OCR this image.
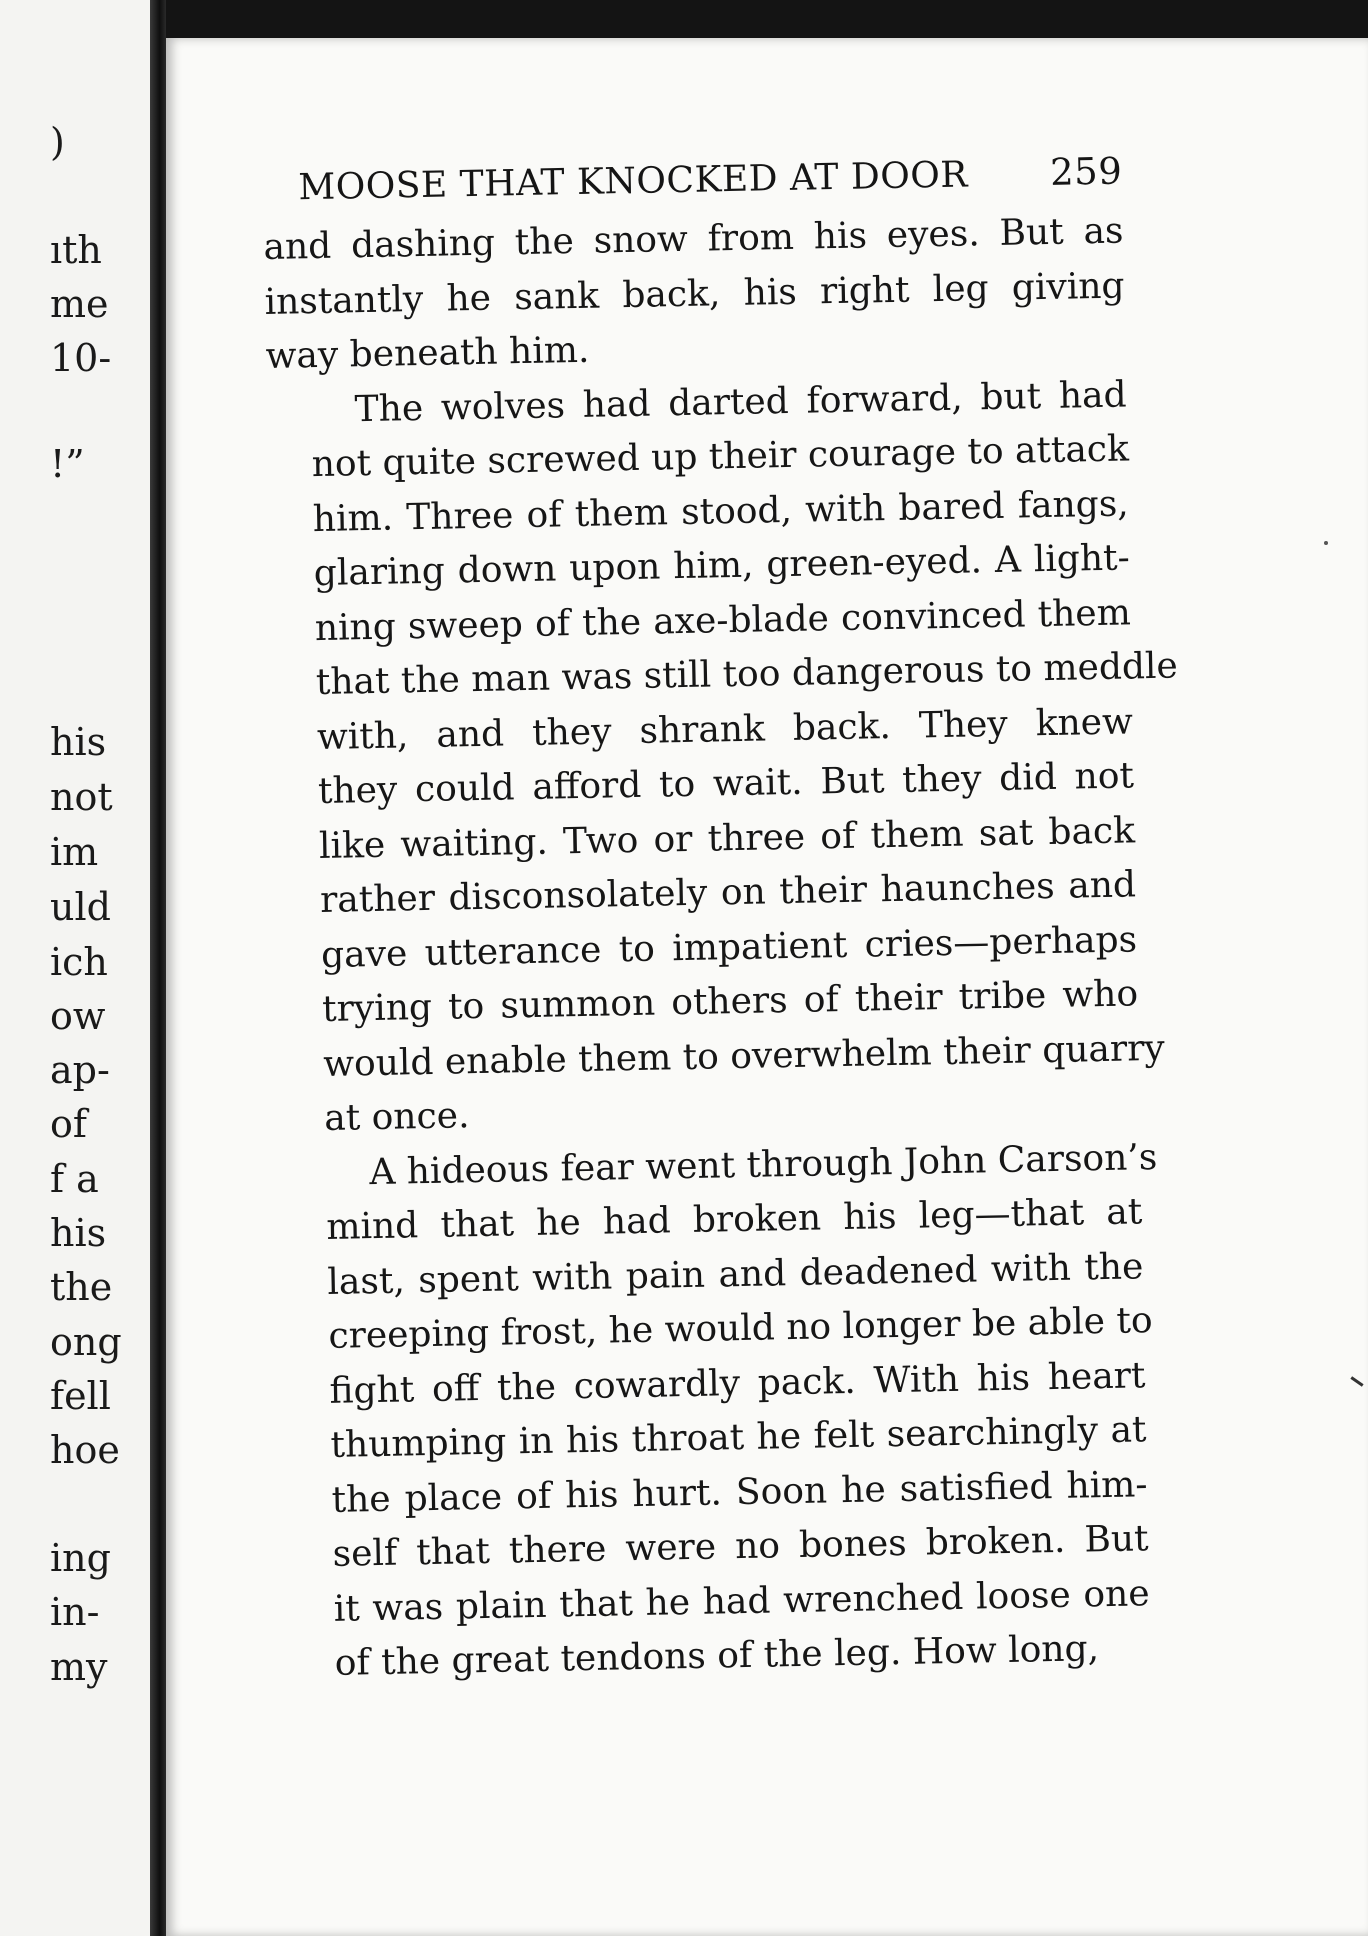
)
ıth
me
10-
!”
his
not
im
uld
ich
ow
ap-
of
f a
his
the
ong
fell
hoe
ing
in-
my
MOOSE THAT KNOCKED AT DOOR 259
and dashing the snow from his eyes. But as
instantly he sank back, his right leg giving
way beneath him.
The wolves had darted forward, but had
not quite screwed up their courage to attack
him. Three of them stood, with bared fangs,
glaring down upon him, green-eyed. A light-
ning sweep of the axe-blade convinced them
that the man was still too dangerous to meddle
with, and they shrank back. They knew
they could afford to wait. But they did not
like waiting. Two or three of them sat back
rather disconsolately on their haunches and
gave utterance to impatient cries—perhaps
trying to summon others of their tribe who
would enable them to overwhelm their quarry
at once.
A hideous fear went through John Carson’s
mind that he had broken his leg—that at
last, spent with pain and deadened with the
creeping frost, he would no longer be able to
fight off the cowardly pack. With his heart
thumping in his throat he felt searchingly at
the place of his hurt. Soon he satisfied him-
self that there were no bones broken. But
it was plain that he had wrenched loose one
of the great tendons of the leg. How long,
